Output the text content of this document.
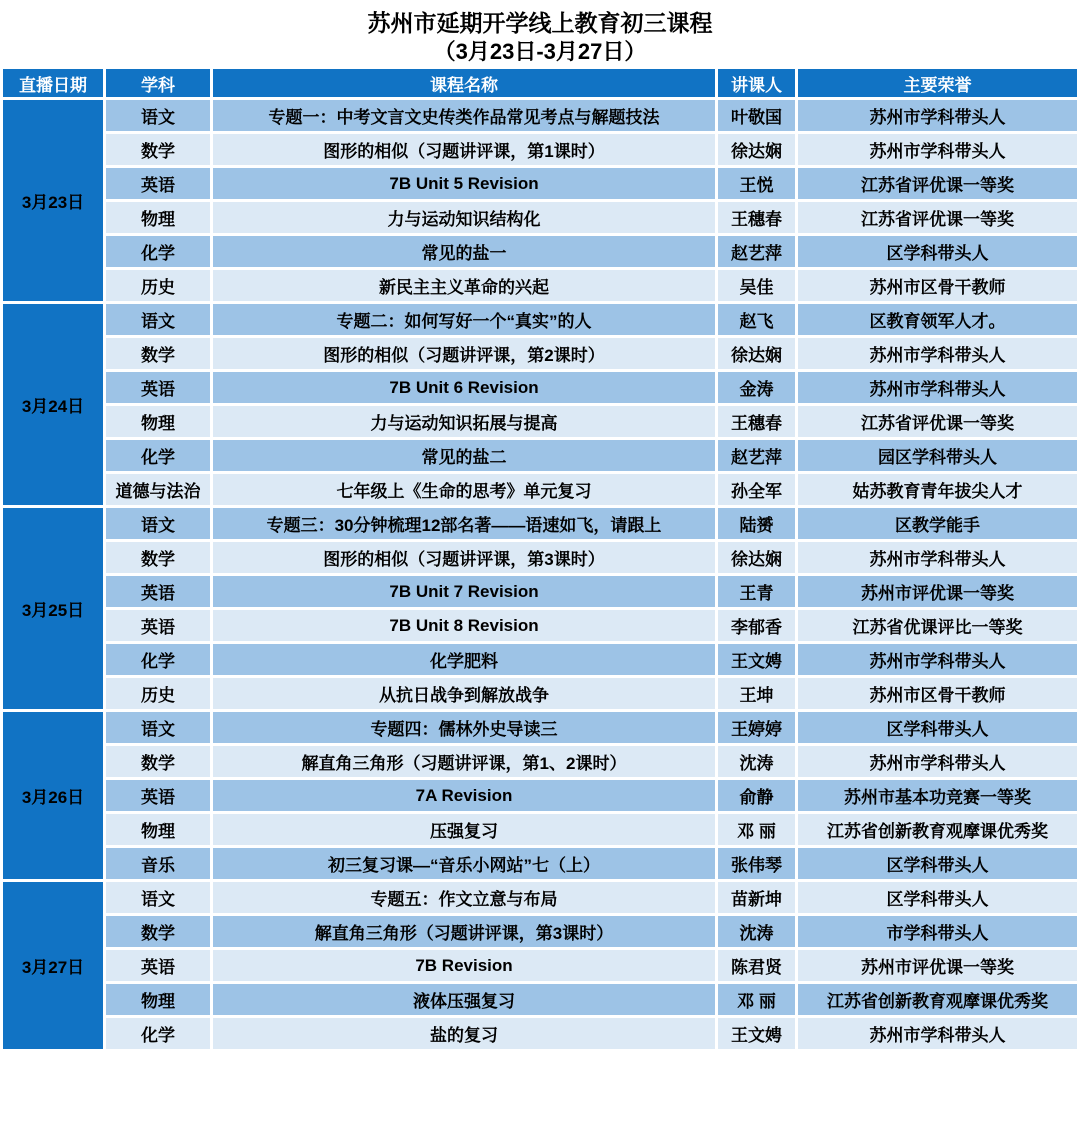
苏州市延期开学线上教育初三课程
（3月23日-3月27日）
直播日期	学科	课程名称	讲课人	主要荣誉
3月23日	语文	专题一：中考文言文史传类作品常见考点与解题技法	叶敬国	苏州市学科带头人
	数学	图形的相似（习题讲评课，第1课时）	徐达娴	苏州市学科带头人
	英语	7B Unit 5 Revision	王悦	江苏省评优课一等奖
	物理	力与运动知识结构化	王穗春	江苏省评优课一等奖
	化学	常见的盐一	赵艺萍	区学科带头人
	历史	新民主主义革命的兴起	吴佳	苏州市区骨干教师
3月24日	语文	专题二：如何写好一个“真实”的人	赵飞	区教育领军人才。
	数学	图形的相似（习题讲评课，第2课时）	徐达娴	苏州市学科带头人
	英语	7B Unit 6 Revision	金涛	苏州市学科带头人
	物理	力与运动知识拓展与提高	王穗春	江苏省评优课一等奖
	化学	常见的盐二	赵艺萍	园区学科带头人
	道德与法治	七年级上《生命的思考》单元复习	孙全军	姑苏教育青年拔尖人才
3月25日	语文	专题三：30分钟梳理12部名著——语速如飞，请跟上	陆赟	区教学能手
	数学	图形的相似（习题讲评课，第3课时）	徐达娴	苏州市学科带头人
	英语	7B Unit 7 Revision	王青	苏州市评优课一等奖
	英语	7B Unit 8 Revision	李郁香	江苏省优课评比一等奖
	化学	化学肥料	王文娉	苏州市学科带头人
	历史	从抗日战争到解放战争	王坤	苏州市区骨干教师
3月26日	语文	专题四：儒林外史导读三	王婷婷	区学科带头人
	数学	解直角三角形（习题讲评课，第1、2课时）	沈涛	苏州市学科带头人
	英语	7A Revision	俞静	苏州市基本功竞赛一等奖
	物理	压强复习	邓 丽	江苏省创新教育观摩课优秀奖
	音乐	初三复习课—“音乐小网站”七（上）	张伟琴	区学科带头人
3月27日	语文	专题五：作文立意与布局	苗新坤	区学科带头人
	数学	解直角三角形（习题讲评课，第3课时）	沈涛	市学科带头人
	英语	7B Revision	陈君贤	苏州市评优课一等奖
	物理	液体压强复习	邓 丽	江苏省创新教育观摩课优秀奖
	化学	盐的复习	王文娉	苏州市学科带头人
